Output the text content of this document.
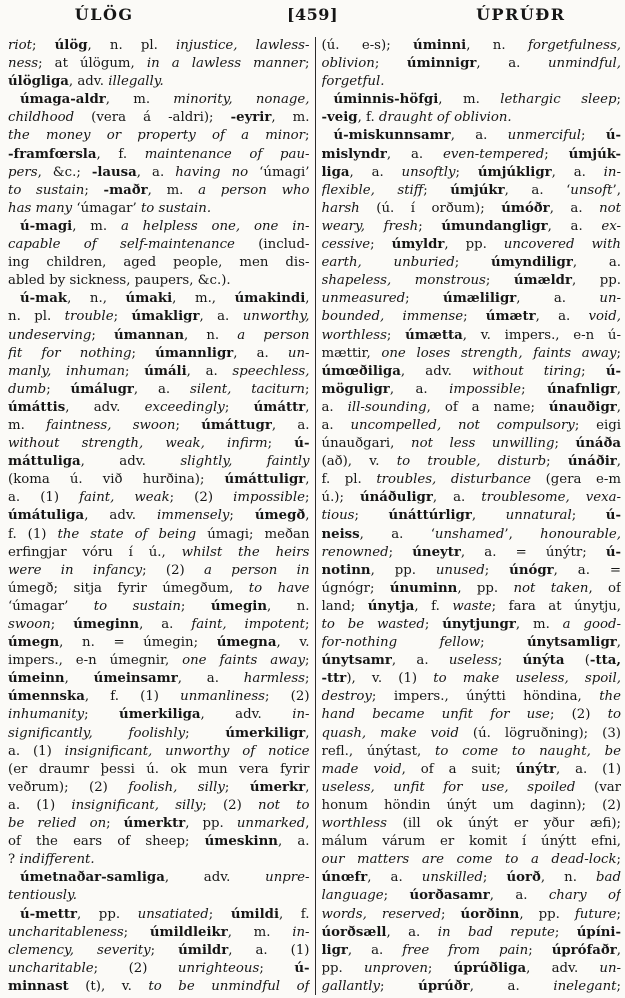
ÚLÖG	[459]	ÚPRÚÐR
riot; úlög, n. pl. injustice, lawless-
ness; at úlögum, in a lawless manner;
úlögliga, adv. illegally.
úmaga-aldr, m. minority, nonage,
childhood (vera á -aldri); -eyrir, m.
the money or property of a minor;
-framfœrsla, f. maintenance of pau-
pers, &c.; -lausa, a. having no ‘úmagi’
to sustain; -maðr, m. a person who
has many ‘úmagar’ to sustain.
ú-magi, m. a helpless one, one in-
capable of self-maintenance (includ-
ing children, aged people, men dis-
abled by sickness, paupers, &c.).
ú-mak, n., úmaki, m., úmakindi,
n. pl. trouble; úmakligr, a. unworthy,
undeserving; úmannan, n. a person
fit for nothing; úmannligr, a. un-
manly, inhuman; úmáli, a. speechless,
dumb; úmálugr, a. silent, taciturn;
úmáttis, adv. exceedingly; úmáttr,
m. faintness, swoon; úmáttugr, a.
without strength, weak, infirm; ú-
máttuliga, adv. slightly, faintly
(koma ú. við hurðina); úmáttuligr,
a. (1) faint, weak; (2) impossible;
úmátuliga, adv. immensely; úmegð,
f. (1) the state of being úmagi; meðan
erfingjar vóru í ú., whilst the heirs
were in infancy; (2) a person in
úmegð; sitja fyrir úmegðum, to have
‘úmagar’ to sustain; úmegin, n.
swoon; úmeginn, a. faint, impotent;
úmegn, n. = úmegin; úmegna, v.
impers., e-n úmegnir, one faints away;
úmeinn, úmeinsamr, a. harmless;
úmennska, f. (1) unmanliness; (2)
inhumanity; úmerkiliga, adv. in-
significantly, foolishly; úmerkiligr,
a. (1) insignificant, unworthy of notice
(er draumr þessi ú. ok mun vera fyrir
veðrum); (2) foolish, silly; úmerkr,
a. (1) insignificant, silly; (2) not to
be relied on; úmerktr, pp. unmarked,
of the ears of sheep; úmeskinn, a.
? indifferent.
úmetnaðar-samliga, adv. unpre-
tentiously.
ú-mettr, pp. unsatiated; úmildi, f.
uncharitableness; úmildleikr, m. in-
clemency, severity; úmildr, a. (1)
uncharitable; (2) unrighteous; ú-
minnast (t), v. to be unmindful of
(ú. e-s); úminni, n. forgetfulness,
oblivion; úminnigr, a. unmindful,
forgetful.
úminnis-höfgi, m. lethargic sleep;
-veig, f. draught of oblivion.
ú-miskunnsamr, a. unmerciful; ú-
mislyndr, a. even-tempered; úmjúk-
liga, a. unsoftly; úmjúkligr, a. in-
flexible, stiff; úmjúkr, a. ‘unsoft’,
harsh (ú. í orðum); úmóðr, a. not
weary, fresh; úmundangligr, a. ex-
cessive; úmyldr, pp. uncovered with
earth, unburied; úmyndiligr, a.
shapeless, monstrous; úmældr, pp.
unmeasured; úmæliligr, a. un-
bounded, immense; úmætr, a. void,
worthless; úmætta, v. impers., e-n ú-
mættir, one loses strength, faints away;
úmœðiliga, adv. without tiring; ú-
möguligr, a. impossible; únafnligr,
a. ill-sounding, of a name; únauðigr,
a. uncompelled, not compulsory; eigi
únauðgari, not less unwilling; únáða
(að), v. to trouble, disturb; únáðir,
f. pl. troubles, disturbance (gera e-m
ú.); únáðuligr, a. troublesome, vexa-
tious; únáttúrligr, unnatural; ú-
neiss, a. ‘unshamed’, honourable,
renowned; úneytr, a. = únýtr; ú-
notinn, pp. unused; únógr, a. =
úgnógr; únuminn, pp. not taken, of
land; únytja, f. waste; fara at únytju,
to be wasted; únytjungr, m. a good-
for-nothing fellow; únytsamligr,
únytsamr, a. useless; únýta (-tta,
-ttr), v. (1) to make useless, spoil,
destroy; impers., únýtti höndina, the
hand became unfit for use; (2) to
quash, make void (ú. lögruðning); (3)
refl., únýtast, to come to naught, be
made void, of a suit; únýtr, a. (1)
useless, unfit for use, spoiled (var
honum höndin únýt um daginn); (2)
worthless (ill ok únýt er yður æfi);
málum várum er komit í únýtt efni,
our matters are come to a dead-lock;
únœfr, a. unskilled; úorð, n. bad
language; úorðasamr, a. chary of
words, reserved; úorðinn, pp. future;
úorðsæll, a. in bad repute; úpíni-
ligr, a. free from pain; úprófaðr,
pp. unproven; úprúðliga, adv. un-
gallantly; úprúðr, a. inelegant;
